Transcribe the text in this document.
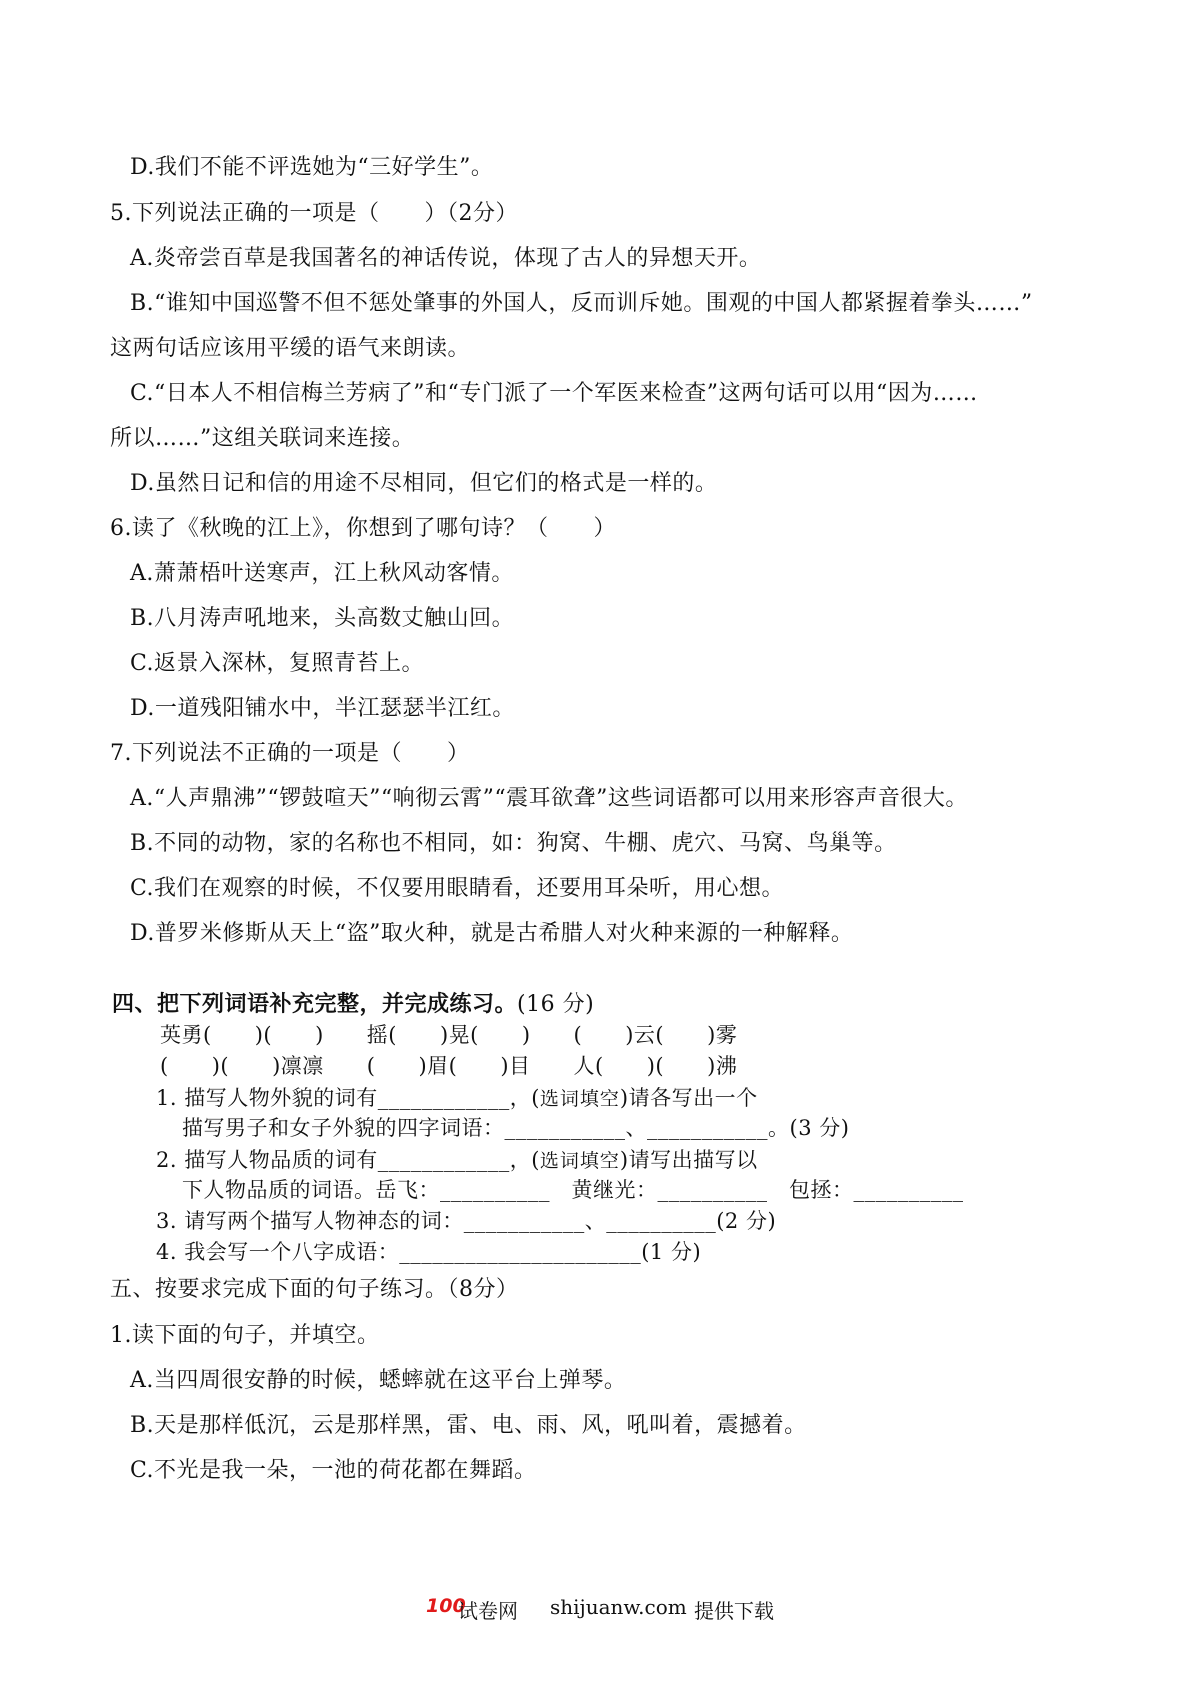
D.我们不能不评选她为“三好学生”。
5.下列说法正确的一项是（　　）（2分）
A.炎帝尝百草是我国著名的神话传说，体现了古人的异想天开。
B.“谁知中国巡警不但不惩处肇事的外国人，反而训斥她。围观的中国人都紧握着拳头……”
这两句话应该用平缓的语气来朗读。
C.“日本人不相信梅兰芳病了”和“专门派了一个军医来检查”这两句话可以用“因为……
所以……”这组关联词来连接。
D.虽然日记和信的用途不尽相同，但它们的格式是一样的。
6.读了《秋晚的江上》，你想到了哪句诗？（　　）
A.萧萧梧叶送寒声，江上秋风动客情。
B.八月涛声吼地来，头高数丈触山回。
C.返景入深林，复照青苔上。
D.一道残阳铺水中，半江瑟瑟半江红。
7.下列说法不正确的一项是（　　）
A.“人声鼎沸”“锣鼓喧天”“响彻云霄”“震耳欲聋”这些词语都可以用来形容声音很大。
B.不同的动物，家的名称也不相同，如：狗窝、牛棚、虎穴、马窝、鸟巢等。
C.我们在观察的时候，不仅要用眼睛看，还要用耳朵听，用心想。
D.普罗米修斯从天上“盗”取火种，就是古希腊人对火种来源的一种解释。
四、把下列词语补充完整，并完成练习。(16 分)
英勇(　　)(　　)　　摇(　　)晃(　　)　　(　　)云(　　)雾
(　　)(　　)凛凛　　(　　)眉(　　)目　　人(　　)(　　)沸
1. 描写人物外貌的词有____________，(选词填空)请各写出一个
描写男子和女子外貌的四字词语：___________、___________。(3 分)
2. 描写人物品质的词有____________，(选词填空)请写出描写以
下人物品质的词语。岳飞：__________　黄继光：__________　包拯：__________
3. 请写两个描写人物神态的词：___________、__________(2 分)
4. 我会写一个八字成语：______________________(1 分)
五、按要求完成下面的句子练习。（8分）
1.读下面的句子，并填空。
A.当四周很安静的时候，蟋蟀就在这平台上弹琴。
B.天是那样低沉，云是那样黑，雷、电、雨、风，吼叫着，震撼着。
C.不光是我一朵，一池的荷花都在舞蹈。
100
试卷网 shijuanw.com 提供下载
